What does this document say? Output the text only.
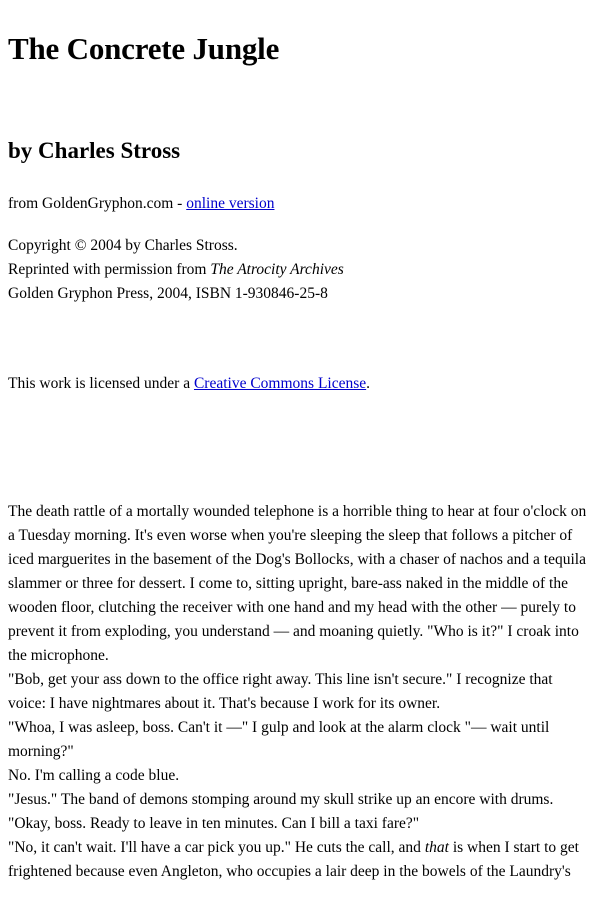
The Concrete Jungle
by Charles Stross

from GoldenGryphon.com - online version

Copyright © 2004 by Charles Stross.
Reprinted with permission from The Atrocity Archives
Golden Gryphon Press, 2004, ISBN 1-930846-25-8

This work is licensed under a Creative Commons License.

The death rattle of a mortally wounded telephone is a horrible thing to hear at four o'clock on a Tuesday morning. It's even worse when you're sleeping the sleep that follows a pitcher of iced marguerites in the basement of the Dog's Bollocks, with a chaser of nachos and a tequila slammer or three for dessert. I come to, sitting upright, bare-ass naked in the middle of the wooden floor, clutching the receiver with one hand and my head with the other — purely to prevent it from exploding, you understand — and moaning quietly. "Who is it?" I croak into the microphone.

"Bob, get your ass down to the office right away. This line isn't secure." I recognize that voice: I have nightmares about it. That's because I work for its owner.

"Whoa, I was asleep, boss. Can't it —" I gulp and look at the alarm clock "— wait until morning?"

No. I'm calling a code blue.

"Jesus." The band of demons stomping around my skull strike up an encore with drums. "Okay, boss. Ready to leave in ten minutes. Can I bill a taxi fare?"

"No, it can't wait. I'll have a car pick you up." He cuts the call, and that is when I start to get frightened because even Angleton, who occupies a lair deep in the bowels of the Laundry's
